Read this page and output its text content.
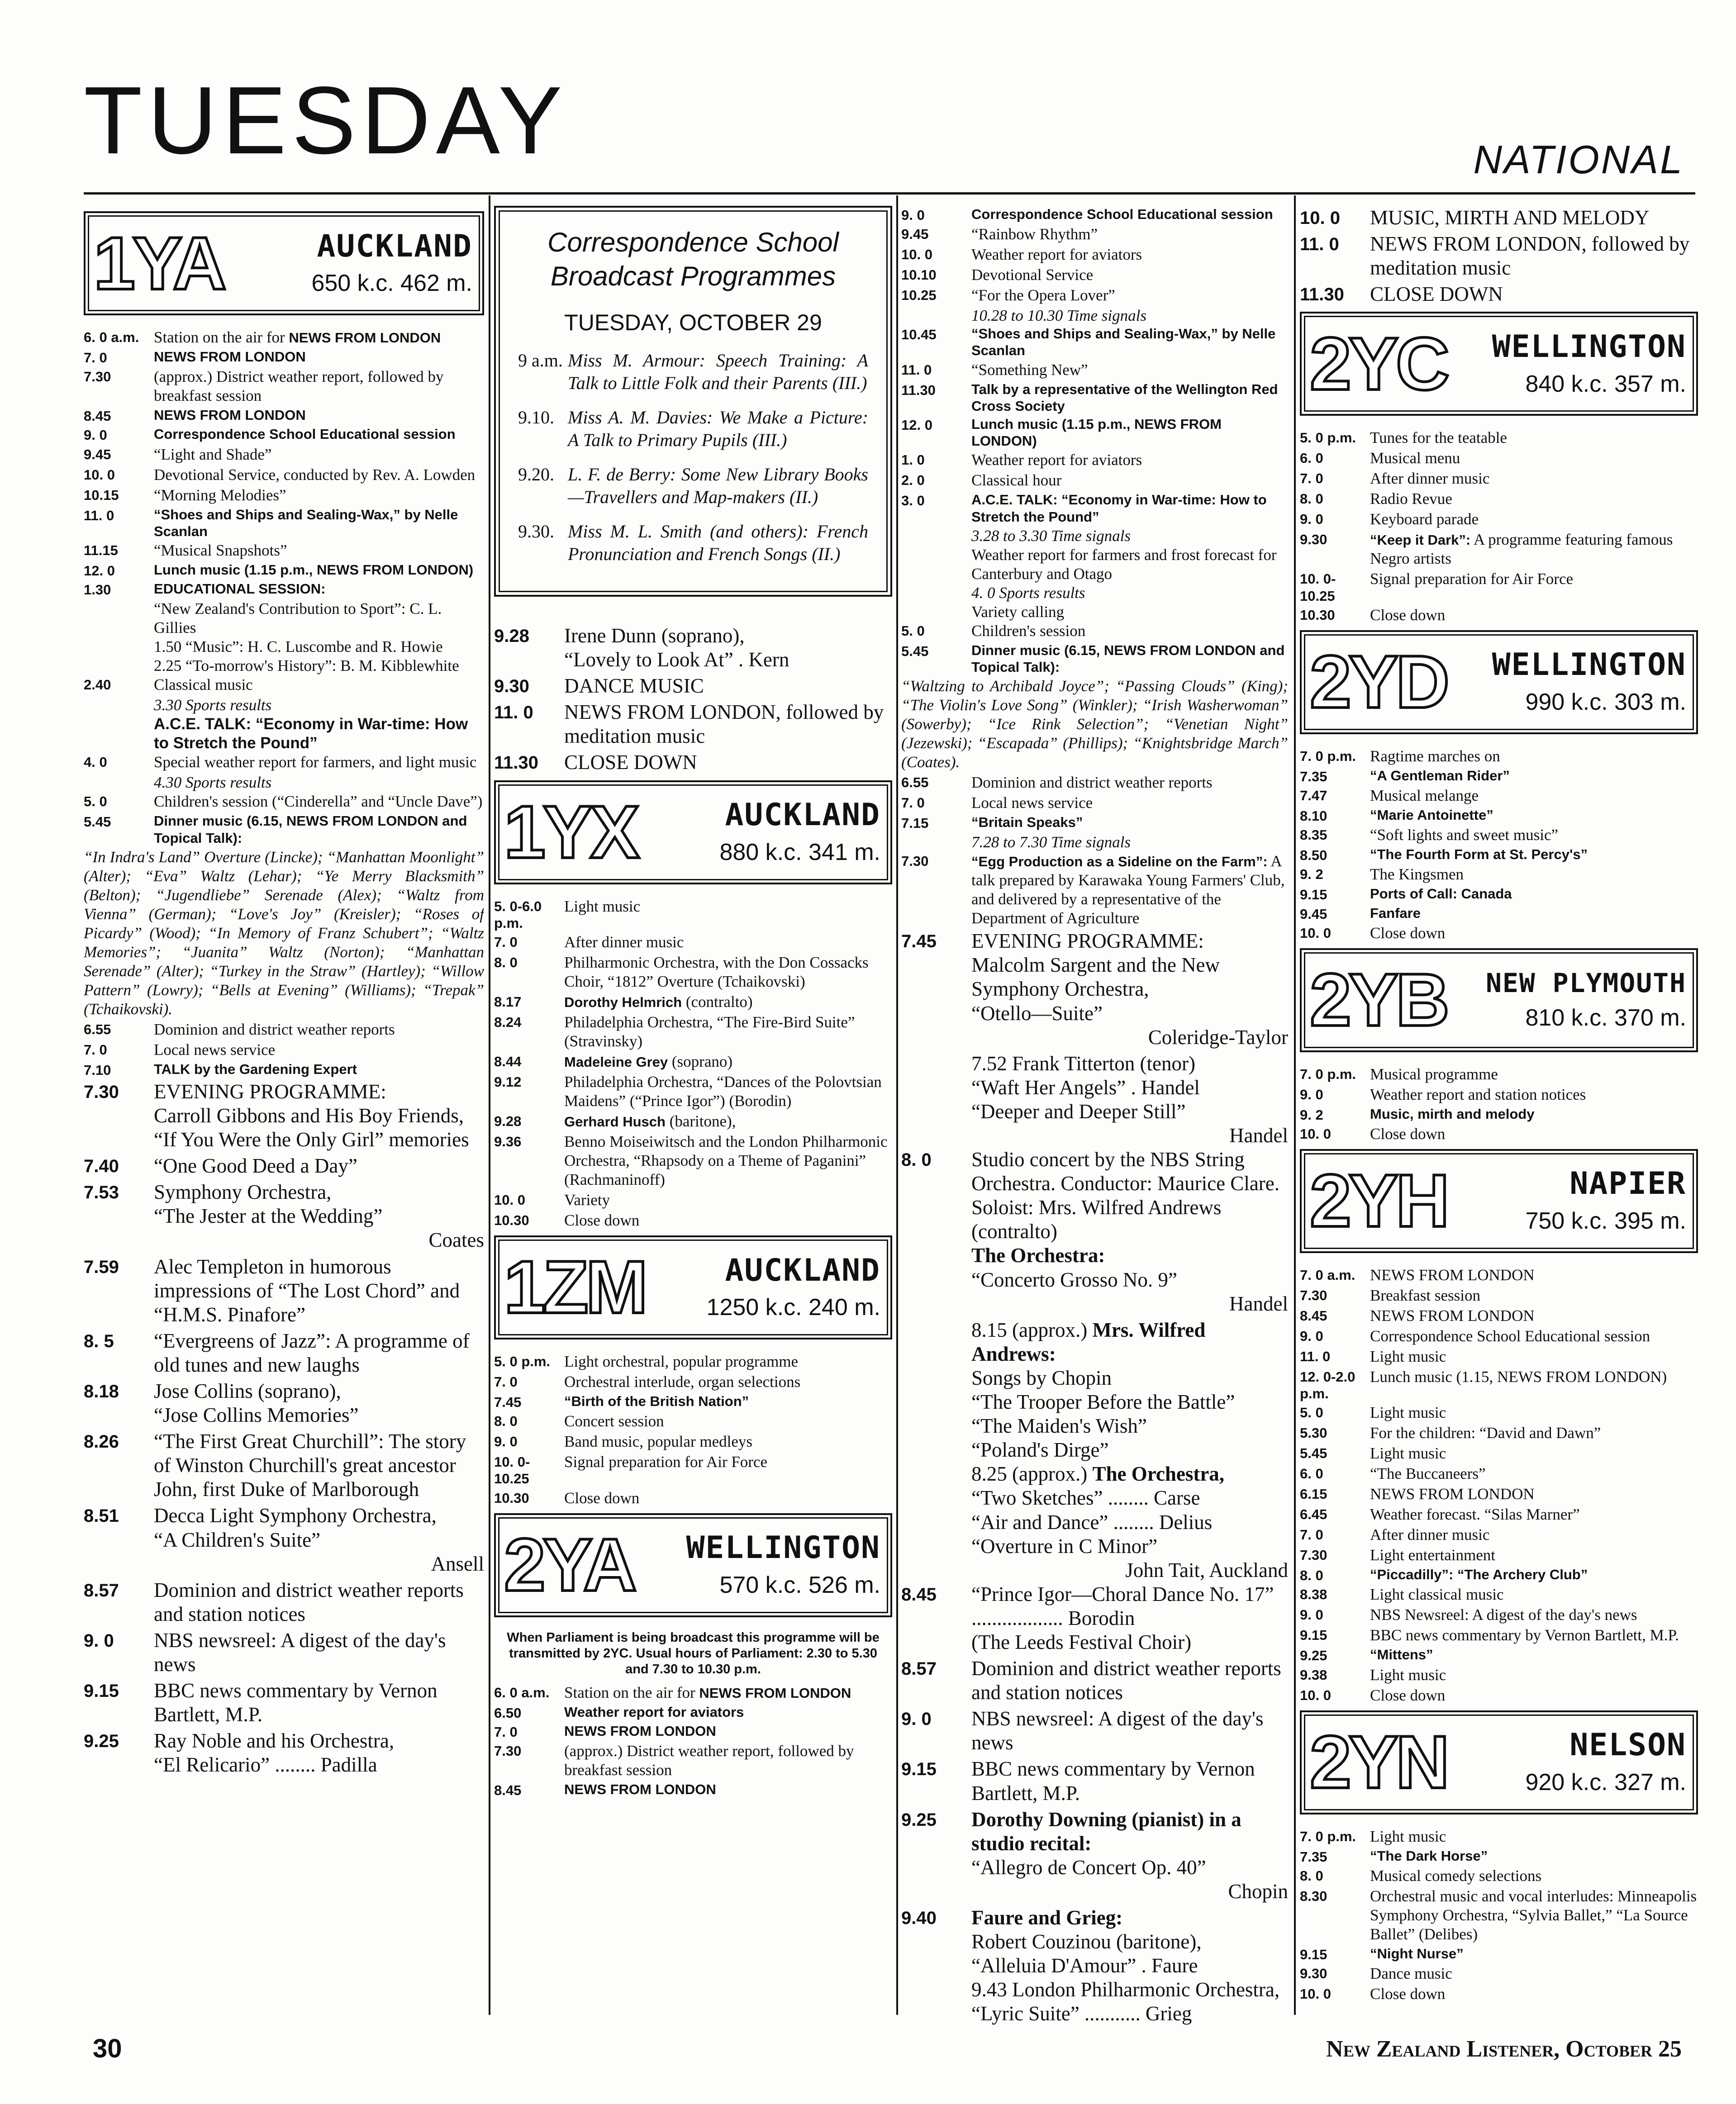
TUESDAY	NATIONAL
1YA	AUCKLAND
650 k.c. 462 m.
6. 0 a.m. Station on the air for NEWS FROM LONDON
7. 0	NEWS FROM LONDON
7.30	(approx.) District weather report, followed by breakfast session
8.45	NEWS FROM LONDON
9. 0	Correspondence School Educational session
9.45	“Light and Shade”
10. 0	Devotional Service, conducted by Rev. A. Lowden
10.15	“Morning Melodies”
11. 0	“Shoes and Ships and Sealing-Wax,” by Nelle Scanlan
11.15	“Musical Snapshots”
12. 0	Lunch music (1.15 p.m., NEWS FROM LONDON)
1.30	EDUCATIONAL SESSION:
“New Zealand's Contribution to Sport”: C. L. Gillies
1.50 “Music”: H. C. Luscombe and R. Howie
2.25 “To-morrow's History”: B. M. Kibblewhite
2.40	Classical music
3.30 Sports results
A.C.E. TALK: “Economy in War-time: How to Stretch the Pound”
4. 0	Special weather report for farmers, and light music
4.30 Sports results
5. 0	Children's session (“Cinderella” and “Uncle Dave”)
5.45	Dinner music (6.15, NEWS FROM LONDON and Topical Talk):
“In Indra's Land” Overture (Lincke); “Manhattan Moonlight” (Alter); “Eva” Waltz (Lehar); “Ye Merry Blacksmith” (Belton); “Jugendliebe” Serenade (Alex); “Waltz from Vienna” (German); “Love's Joy” (Kreisler); “Roses of Picardy” (Wood); “In Memory of Franz Schubert”; “Waltz Memories”; “Juanita” Waltz (Norton); “Manhattan Serenade” (Alter); “Turkey in the Straw” (Hartley); “Willow Pattern” (Lowry); “Bells at Evening” (Williams); “Trepak” (Tchaikovski).
6.55	Dominion and district weather reports
7. 0	Local news service
7.10	TALK by the Gardening Expert
7.30	EVENING PROGRAMME:
Carroll Gibbons and His Boy Friends,
“If You Were the Only Girl” memories
7.40	“One Good Deed a Day”
7.53	Symphony Orchestra,
“The Jester at the Wedding”
Coates
7.59	Alec Templeton in humorous impressions of “The Lost Chord” and “H.M.S. Pinafore”
8. 5	“Evergreens of Jazz”: A programme of old tunes and new laughs
8.18	Jose Collins (soprano),
“Jose Collins Memories”
8.26	“The First Great Churchill”: The story of Winston Churchill's great ancestor John, first Duke of Marlborough
8.51	Decca Light Symphony Orchestra,
“A Children's Suite”
Ansell
8.57	Dominion and district weather reports and station notices
9. 0	NBS newsreel: A digest of the day's news
9.15	BBC news commentary by Vernon Bartlett, M.P.
9.25	Ray Noble and his Orchestra,
“El Relicario” ........ Padilla
Correspondence School Broadcast Programmes
TUESDAY, OCTOBER 29
9 a.m. Miss M. Armour: Speech Training: A Talk to Little Folk and their Parents (III.)
9.10. Miss A. M. Davies: We Make a Picture: A Talk to Primary Pupils (III.)
9.20. L. F. de Berry: Some New Library Books—Travellers and Map-makers (II.)
9.30. Miss M. L. Smith (and others): French Pronunciation and French Songs (II.)
9.28	Irene Dunn (soprano),
“Lovely to Look At” . Kern
9.30	DANCE MUSIC
11. 0	NEWS FROM LONDON, followed by meditation music
11.30	CLOSE DOWN
1YX	AUCKLAND
880 k.c. 341 m.
5. 0-6.0 p.m.
Light music
7. 0	After dinner music
8. 0	Philharmonic Orchestra, with the Don Cossacks Choir, “1812” Overture (Tchaikovski)
8.17	Dorothy Helmrich (contralto)
8.24	Philadelphia Orchestra, “The Fire-Bird Suite” (Stravinsky)
8.44	Madeleine Grey (soprano)
9.12	Philadelphia Orchestra, “Dances of the Polovtsian Maidens” (“Prince Igor”) (Borodin)
9.28	Gerhard Husch (baritone),
9.36	Benno Moiseiwitsch and the London Philharmonic Orchestra, “Rhapsody on a Theme of Paganini” (Rachmaninoff)
10. 0	Variety
10.30	Close down
1ZM	AUCKLAND
1250 k.c. 240 m.
5. 0 p.m. Light orchestral, popular programme
7. 0	Orchestral interlude, organ selections
7.45	“Birth of the British Nation”
8. 0	Concert session
9. 0	Band music, popular medleys
10. 0-10.25
Signal preparation for Air Force
10.30	Close down
2YA	WELLINGTON
570 k.c. 526 m.
When Parliament is being broadcast this programme will be transmitted by 2YC. Usual hours of Parliament: 2.30 to 5.30 and 7.30 to 10.30 p.m.
6. 0 a.m. Station on the air for NEWS FROM LONDON
6.50	Weather report for aviators
7. 0	NEWS FROM LONDON
7.30	(approx.) District weather report, followed by breakfast session
8.45	NEWS FROM LONDON
9. 0	Correspondence School Educational session
9.45	“Rainbow Rhythm”
10. 0	Weather report for aviators
10.10	Devotional Service
10.25	“For the Opera Lover”
10.28 to 10.30 Time signals
10.45	“Shoes and Ships and Sealing-Wax,” by Nelle Scanlan
11. 0	“Something New”
11.30	Talk by a representative of the Wellington Red Cross Society
12. 0	Lunch music (1.15 p.m., NEWS FROM LONDON)
1. 0	Weather report for aviators
2. 0	Classical hour
3. 0	A.C.E. TALK: “Economy in War-time: How to Stretch the Pound”
3.28 to 3.30 Time signals
Weather report for farmers and frost forecast for Canterbury and Otago
4. 0 Sports results
Variety calling
5. 0	Children's session
5.45	Dinner music (6.15, NEWS FROM LONDON and Topical Talk):
“Waltzing to Archibald Joyce”; “Passing Clouds” (King); “The Violin's Love Song” (Winkler); “Irish Washerwoman” (Sowerby); “Ice Rink Selection”; “Venetian Night” (Jezewski); “Escapada” (Phillips); “Knightsbridge March” (Coates).
6.55	Dominion and district weather reports
7. 0	Local news service
7.15	“Britain Speaks”
7.28 to 7.30 Time signals
7.30	“Egg Production as a Sideline on the Farm”: A talk prepared by Karawaka Young Farmers' Club, and delivered by a representative of the Department of Agriculture
7.45	EVENING PROGRAMME:
Malcolm Sargent and the New Symphony Orchestra,
“Otello—Suite”
Coleridge-Taylor
7.52 Frank Titterton (tenor)
“Waft Her Angels” . Handel
“Deeper and Deeper Still”
Handel
8. 0	Studio concert by the NBS String Orchestra. Conductor: Maurice Clare. Soloist: Mrs. Wilfred Andrews (contralto)
The Orchestra:
“Concerto Grosso No. 9”
Handel
8.15 (approx.) Mrs. Wilfred Andrews:
Songs by Chopin
“The Trooper Before the Battle”
“The Maiden's Wish”
“Poland's Dirge”
8.25 (approx.) The Orchestra,
“Two Sketches” ........ Carse
“Air and Dance” ........ Delius
“Overture in C Minor”
John Tait, Auckland
8.45	“Prince Igor—Choral Dance No. 17” .................. Borodin
(The Leeds Festival Choir)
8.57	Dominion and district weather reports and station notices
9. 0	NBS newsreel: A digest of the day's news
9.15	BBC news commentary by Vernon Bartlett, M.P.
9.25	Dorothy Downing (pianist) in a studio recital:
“Allegro de Concert Op. 40”
Chopin
9.40	Faure and Grieg:
Robert Couzinou (baritone),
“Alleluia D'Amour” . Faure
9.43 London Philharmonic Orchestra,
“Lyric Suite” ........... Grieg
10. 0	MUSIC, MIRTH AND MELODY
11. 0	NEWS FROM LONDON, followed by meditation music
11.30	CLOSE DOWN
2YC	WELLINGTON
840 k.c. 357 m.
5. 0 p.m. Tunes for the teatable
6. 0	Musical menu
7. 0	After dinner music
8. 0	Radio Revue
9. 0	Keyboard parade
9.30	“Keep it Dark”: A programme featuring famous Negro artists
10. 0-10.25
Signal preparation for Air Force
10.30	Close down
2YD	WELLINGTON
990 k.c. 303 m.
7. 0 p.m. Ragtime marches on
7.35	“A Gentleman Rider”
7.47	Musical melange
8.10	“Marie Antoinette”
8.35	“Soft lights and sweet music”
8.50	“The Fourth Form at St. Percy's”
9. 2	The Kingsmen
9.15	Ports of Call: Canada
9.45	Fanfare
10. 0	Close down
2YB	NEW PLYMOUTH
810 k.c. 370 m.
7. 0 p.m. Musical programme
9. 0	Weather report and station notices
9. 2	Music, mirth and melody
10. 0	Close down
2YH	NAPIER
750 k.c. 395 m.
7. 0 a.m. NEWS FROM LONDON
7.30	Breakfast session
8.45	NEWS FROM LONDON
9. 0	Correspondence School Educational session
11. 0	Light music
12. 0-2.0 p.m.
Lunch music (1.15, NEWS FROM LONDON)
5. 0	Light music
5.30	For the children: “David and Dawn”
5.45	Light music
6. 0	“The Buccaneers”
6.15	NEWS FROM LONDON
6.45	Weather forecast. “Silas Marner”
7. 0	After dinner music
7.30	Light entertainment
8. 0	“Piccadilly”: “The Archery Club”
8.38	Light classical music
9. 0	NBS Newsreel: A digest of the day's news
9.15	BBC news commentary by Vernon Bartlett, M.P.
9.25	“Mittens”
9.38	Light music
10. 0	Close down
2YN	NELSON
920 k.c. 327 m.
7. 0 p.m. Light music
7.35	“The Dark Horse”
8. 0	Musical comedy selections
8.30	Orchestral music and vocal interludes: Minneapolis Symphony Orchestra, “Sylvia Ballet,” “La Source Ballet” (Delibes)
9.15	“Night Nurse”
9.30	Dance music
10. 0	Close down
30	New Zealand Listener, October 25
